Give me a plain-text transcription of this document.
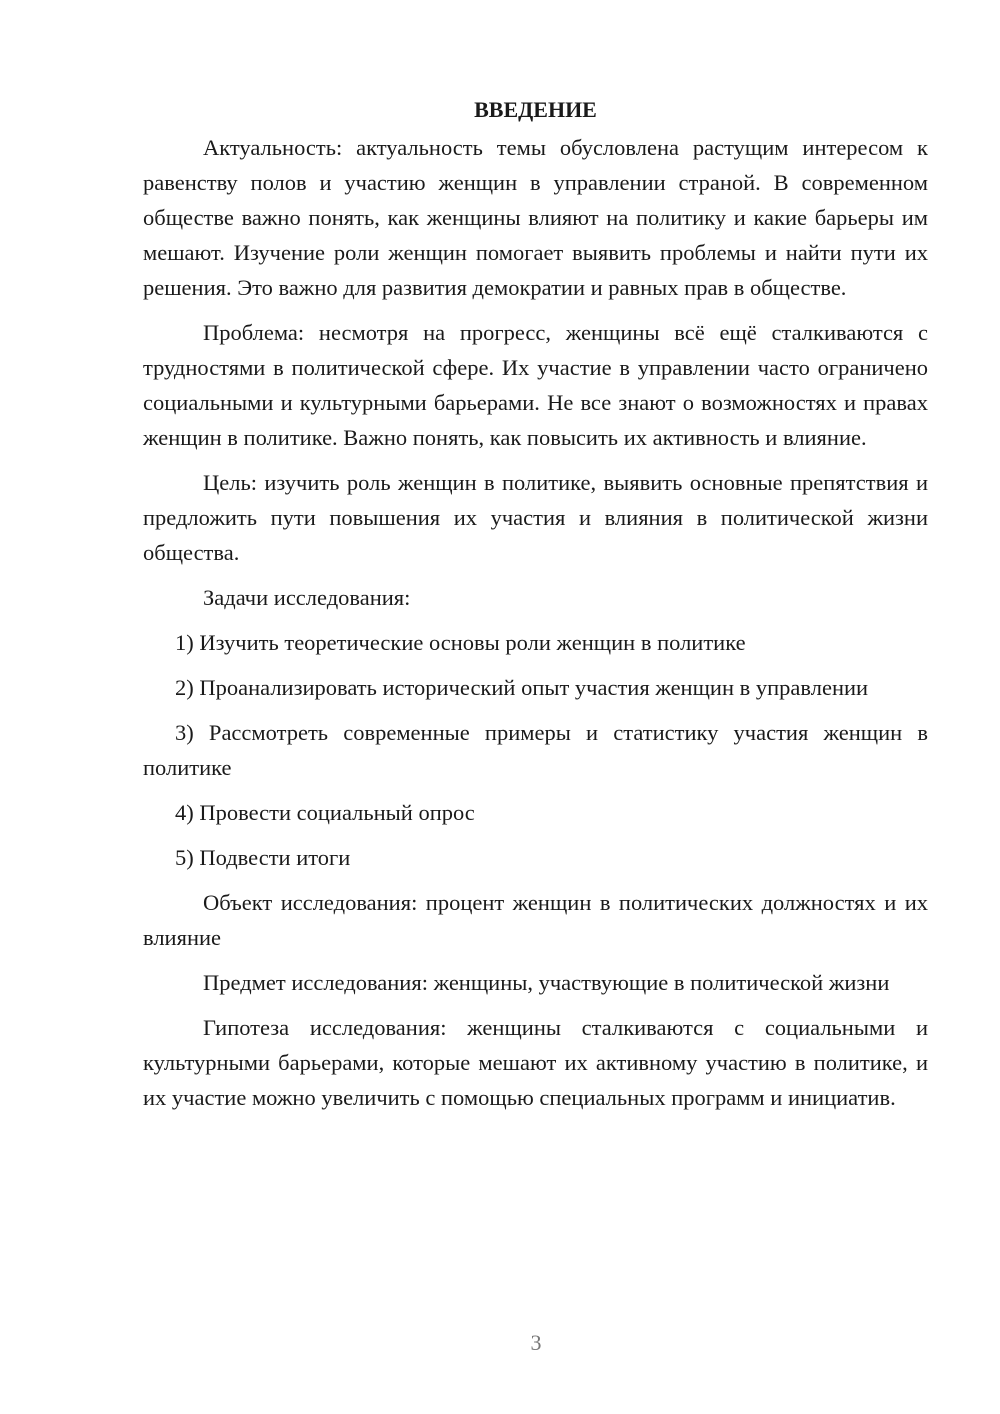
ВВЕДЕНИЕ

Актуальность: актуальность темы обусловлена растущим интересом к равенству полов и участию женщин в управлении страной. В современном обществе важно понять, как женщины влияют на политику и какие барьеры им мешают. Изучение роли женщин помогает выявить проблемы и найти пути их решения. Это важно для развития демократии и равных прав в обществе.

Проблема: несмотря на прогресс, женщины всё ещё сталкиваются с трудностями в политической сфере. Их участие в управлении часто ограничено социальными и культурными барьерами. Не все знают о возможностях и правах женщин в политике. Важно понять, как повысить их активность и влияние.

Цель: изучить роль женщин в политике, выявить основные препятствия и предложить пути повышения их участия и влияния в политической жизни общества.

Задачи исследования:

1) Изучить теоретические основы роли женщин в политике

2) Проанализировать исторический опыт участия женщин в управлении

3) Рассмотреть современные примеры и статистику участия женщин в политике

4) Провести социальный опрос

5) Подвести итоги

Объект исследования: процент женщин в политических должностях и их влияние

Предмет исследования: женщины, участвующие в политической жизни

Гипотеза исследования: женщины сталкиваются с социальными и культурными барьерами, которые мешают их активному участию в политике, и их участие можно увеличить с помощью специальных программ и инициатив.

3
